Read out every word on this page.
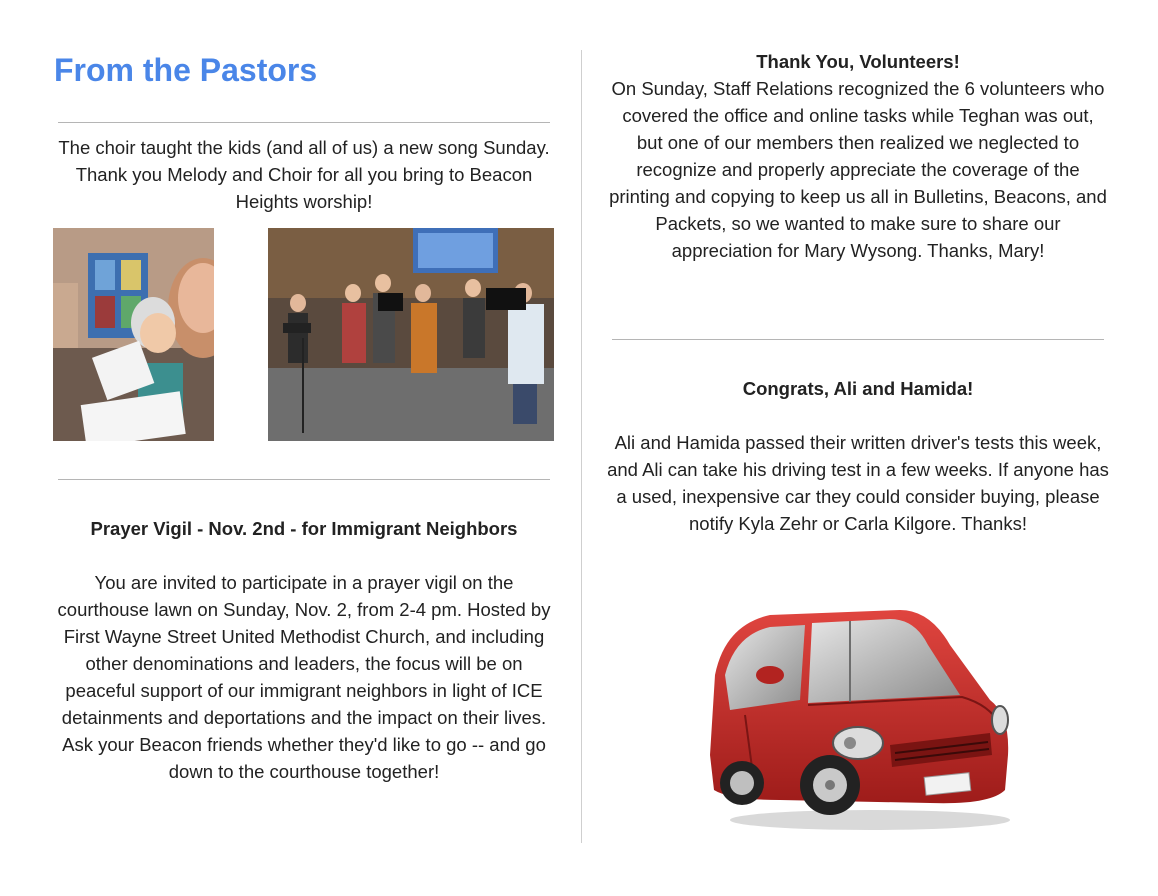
From the Pastors

The choir taught the kids (and all of us) a new song Sunday. Thank you Melody and Choir for all you bring to Beacon Heights worship!

Prayer Vigil - Nov. 2nd - for Immigrant Neighbors

You are invited to participate in a prayer vigil on the courthouse lawn on Sunday, Nov. 2, from 2-4 pm. Hosted by First Wayne Street United Methodist Church, and including other denominations and leaders, the focus will be on peaceful support of our immigrant neighbors in light of ICE detainments and deportations and the impact on their lives. Ask your Beacon friends whether they'd like to go -- and go down to the courthouse together!

Thank You, Volunteers!

On Sunday, Staff Relations recognized the 6 volunteers who covered the office and online tasks while Teghan was out, but one of our members then realized we neglected to recognize and properly appreciate the coverage of the printing and copying to keep us all in Bulletins, Beacons, and Packets, so we wanted to make sure to share our appreciation for Mary Wysong. Thanks, Mary!

Congrats, Ali and Hamida!

Ali and Hamida passed their written driver's tests this week, and Ali can take his driving test in a few weeks. If anyone has a used, inexpensive car they could consider buying, please notify Kyla Zehr or Carla Kilgore. Thanks!
